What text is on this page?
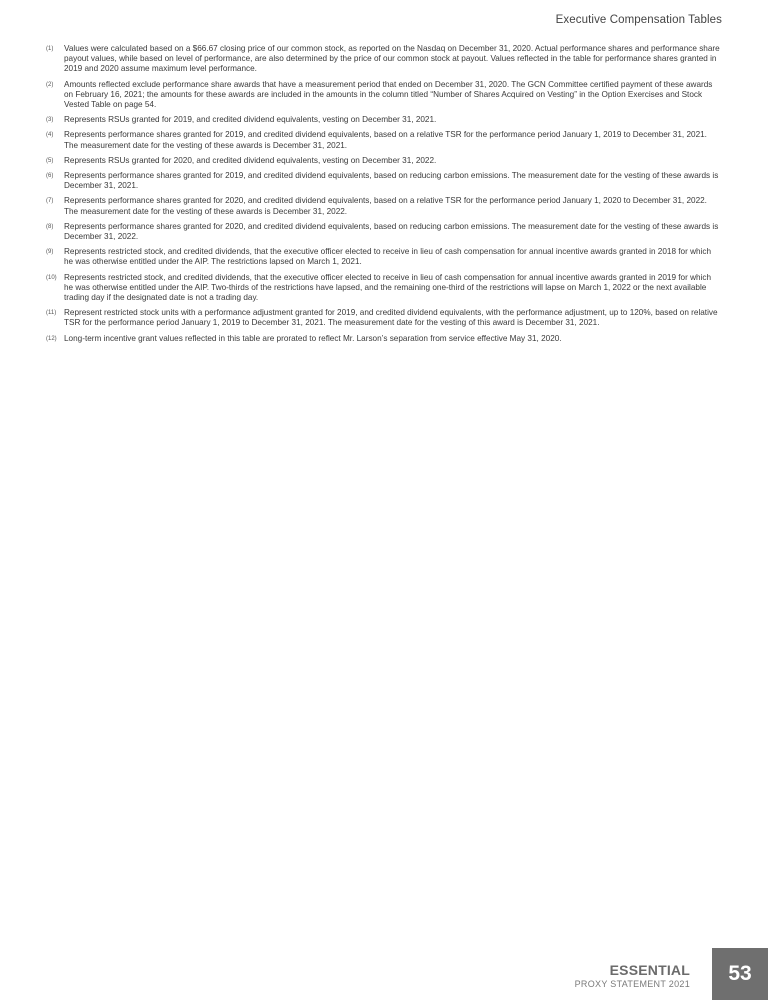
Executive Compensation Tables
(1)	Values were calculated based on a $66.67 closing price of our common stock, as reported on the Nasdaq on December 31, 2020. Actual performance shares and performance share payout values, while based on level of performance, are also determined by the price of our common stock at payout. Values reflected in the table for performance shares granted in 2019 and 2020 assume maximum level performance.
(2)	Amounts reflected exclude performance share awards that have a measurement period that ended on December 31, 2020. The GCN Committee certified payment of these awards on February 16, 2021; the amounts for these awards are included in the amounts in the column titled “Number of Shares Acquired on Vesting” in the Option Exercises and Stock Vested Table on page 54.
(3)	Represents RSUs granted for 2019, and credited dividend equivalents, vesting on December 31, 2021.
(4)	Represents performance shares granted for 2019, and credited dividend equivalents, based on a relative TSR for the performance period January 1, 2019 to December 31, 2021. The measurement date for the vesting of these awards is December 31, 2021.
(5)	Represents RSUs granted for 2020, and credited dividend equivalents, vesting on December 31, 2022.
(6)	Represents performance shares granted for 2019, and credited dividend equivalents, based on reducing carbon emissions. The measurement date for the vesting of these awards is December 31, 2021.
(7)	Represents performance shares granted for 2020, and credited dividend equivalents, based on a relative TSR for the performance period January 1, 2020 to December 31, 2022. The measurement date for the vesting of these awards is December 31, 2022.
(8)	Represents performance shares granted for 2020, and credited dividend equivalents, based on reducing carbon emissions. The measurement date for the vesting of these awards is December 31, 2022.
(9)	Represents restricted stock, and credited dividends, that the executive officer elected to receive in lieu of cash compensation for annual incentive awards granted in 2018 for which he was otherwise entitled under the AIP. The restrictions lapsed on March 1, 2021.
(10) Represents restricted stock, and credited dividends, that the executive officer elected to receive in lieu of cash compensation for annual incentive awards granted in 2019 for which he was otherwise entitled under the AIP. Two-thirds of the restrictions have lapsed, and the remaining one-third of the restrictions will lapse on March 1, 2022 or the next available trading day if the designated date is not a trading day.
(11) Represent restricted stock units with a performance adjustment granted for 2019, and credited dividend equivalents, with the performance adjustment, up to 120%, based on relative TSR for the performance period January 1, 2019 to December 31, 2021. The measurement date for the vesting of this award is December 31, 2021.
(12) Long-term incentive grant values reflected in this table are prorated to reflect Mr. Larson’s separation from service effective May 31, 2020.
ESSENTIAL
PROXY STATEMENT 2021 53
